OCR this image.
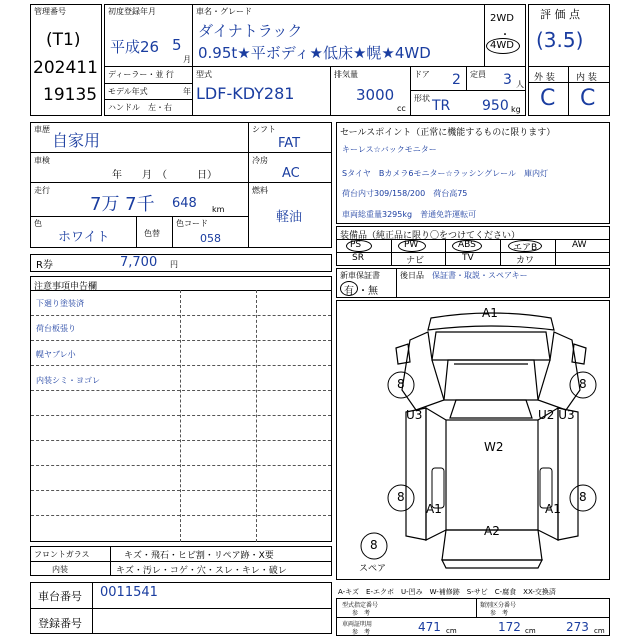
管理番号
(T1)
202411
19135
初度登録年月
平成26 5
月
ディーラー・並 行
モデル年式	年
ハンドル　左・右
車名・グレード
ダイナトラック
0.95t★平ボディ★低床★幌★4WD
2WD
・
4WD
型式
LDF-KDY281
排気量
3000
cc
ドア 2 定員 3 人
形状 TR 950 kg
評 価 点
(3.5)
外 装 内 装
C C
車歴
自家用
車検
年　　月　（　　　日）
走行
7万 7千 648 km
色
ホワイト	色替
色コード
058
シフト
FAT
冷房
AC
燃料
軽油
R券	7,700 円
セールスポイント（正常に機能するものに限ります）
キーレス☆バックモニター
Sタイヤ　Bカメラ6モニター☆ラッシングレール　庫内灯
荷台内寸309/158/200　荷台高75
車両総重量3295kg　普通免許運転可
装備品（純正品に限り〇をつけてください）
PS	PW	ABS	エアB	AW
SR	ナビ	TV	カワ
新車保証書
有 ・無
後日品 保証書・取説・スペアキー
注意事項申告欄
下廻り塗装済
荷台板張り
幌ヤブレ小
内装シミ・ヨゴレ
フロントガラス	キズ・飛石・ヒビ割・リペア跡・X要
内装	キズ・汚レ・コゲ・穴・スレ・キレ・破レ
車台番号 0011541
登録番号
A1
8	8
U3	U2 U3
W2
8	8
A1	A1
A2
8
スペア
A-キズ　E-エクボ　U-凹み　W-補修跡　S-サビ　C-腐食　XX-交換済
型式指定番号
参　考
類別区分番号
参　考
車両証明用
参　考	471 cm	172 cm	273 cm
